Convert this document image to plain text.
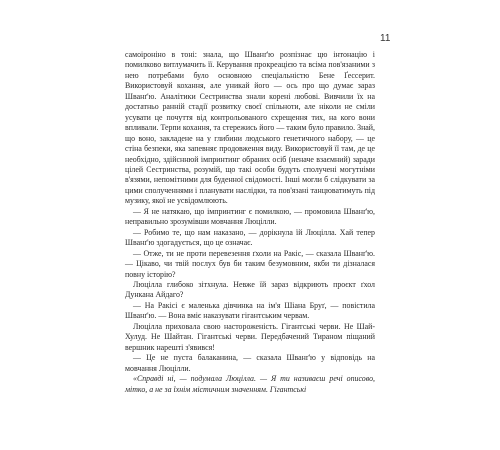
11

самоіроніно в тоні: знала, що Шванґ'ю розпізнає цю інтонацію і помилково витлумачить її. Керування прокреацією та всіма пов'язаними з нею потребами було основною спеціальністю Бене Ґессерит. Використовуй кохання, але уникай його — ось про що думає зараз Шванґ'ю. Аналітики Сестринства знали корені любові. Вивчили їх на достатньо ранній стадії розвитку своєї спільноти, але ніколи не сміли усувати це почуття від контрольованого схрещення тих, на кого вони впливали. Терпи кохання, та стережись його — таким було правило. Знай, що воно, закладене на у глибини людського генетичного набору, — це стіна безпеки, яка запевняє продовження виду. Використовуй її там, де це необхідно, здійсннюй імпринтинг обраних осіб (неначе взаємний) заради цілей Сестринства, розумій, що такі особи будуть сполучені могутніми в'язями, непомітними для буденної свідомості. Інші могли б слідкувати за цими сполученнями і планувати наслідки, та пов'язані танцюватимуть під музику, якої не усвідомлюють.

— Я не натякаю, що імпринтинг є помилкою, — промовила Шванґ'ю, неправильно зрозумівши мовчання Люцілли.

— Робимо те, що нам наказано, — дорікнула їй Люцілла. Хай тепер Шванґ'ю здогадується, що це означає.

— Отже, ти не проти перевезення ґхоли на Ракіс, — сказала Шванґ'ю. — Цікаво, чи твій послух був би таким безумовним, якби ти дізналася повну історію?

Люцілла глибоко зітхнула. Невже їй зараз відкриють проєкт ґхол Дункана Айдаго?

— На Ракісі є маленька дівчинка на ім'я Шіана Бруґ, — повістила Шванґ'ю. — Вона вміє наказувати гігантським червам.

Люцілла приховала свою настороженість. Гігантські черви. Не Шай-Хулуд. Не Шайтан. Гігантські черви. Передбачений Тираном піщаний вершник нарешті з'явився!

— Це не пуста балаканина, — сказала Шванґ'ю у відповідь на мовчання Люцілли.

«Справді ні, — подумала Люцілла. — Я ти називаєш речі описово, мітко, а не за їхнім містичним значенням. Гігантські
